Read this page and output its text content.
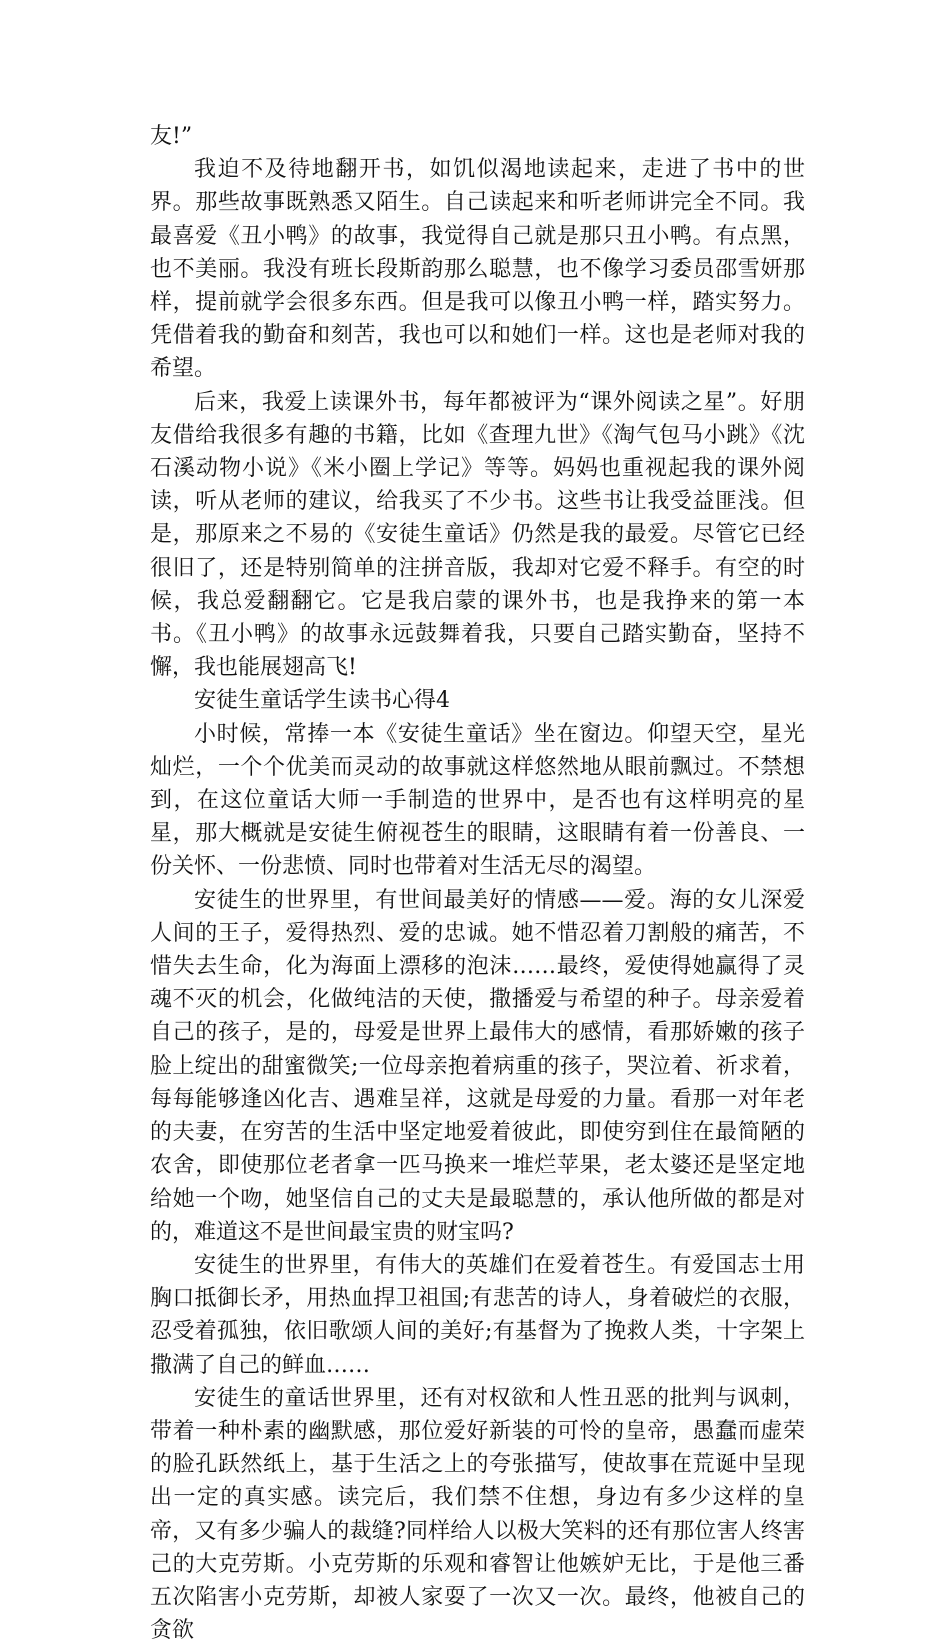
友!”

我迫不及待地翻开书，如饥似渴地读起来，走进了书中的世界。那些故事既熟悉又陌生。自己读起来和听老师讲完全不同。我最喜爱《丑小鸭》的故事，我觉得自己就是那只丑小鸭。有点黑，也不美丽。我没有班长段斯韵那么聪慧，也不像学习委员邵雪妍那样，提前就学会很多东西。但是我可以像丑小鸭一样，踏实努力。凭借着我的勤奋和刻苦，我也可以和她们一样。这也是老师对我的希望。

后来，我爱上读课外书，每年都被评为“课外阅读之星”。好朋友借给我很多有趣的书籍，比如《查理九世》《淘气包马小跳》《沈石溪动物小说》《米小圈上学记》等等。妈妈也重视起我的课外阅读，听从老师的建议，给我买了不少书。这些书让我受益匪浅。但是，那原来之不易的《安徒生童话》仍然是我的最爱。尽管它已经很旧了，还是特别简单的注拼音版，我却对它爱不释手。有空的时候，我总爱翻翻它。它是我启蒙的课外书，也是我挣来的第一本书。《丑小鸭》的故事永远鼓舞着我，只要自己踏实勤奋，坚持不懈，我也能展翅高飞!

安徒生童话学生读书心得4

小时候，常捧一本《安徒生童话》坐在窗边。仰望天空，星光灿烂，一个个优美而灵动的故事就这样悠然地从眼前飘过。不禁想到，在这位童话大师一手制造的世界中，是否也有这样明亮的星星，那大概就是安徒生俯视苍生的眼睛，这眼睛有着一份善良、一份关怀、一份悲愤、同时也带着对生活无尽的渴望。

安徒生的世界里，有世间最美好的情感——爱。海的女儿深爱人间的王子，爱得热烈、爱的忠诚。她不惜忍着刀割般的痛苦，不惜失去生命，化为海面上漂移的泡沫……最终，爱使得她赢得了灵魂不灭的机会，化做纯洁的天使，撒播爱与希望的种子。母亲爱着自己的孩子，是的，母爱是世界上最伟大的感情，看那娇嫩的孩子脸上绽出的甜蜜微笑;一位母亲抱着病重的孩子，哭泣着、祈求着，每每能够逢凶化吉、遇难呈祥，这就是母爱的力量。看那一对年老的夫妻，在穷苦的生活中坚定地爱着彼此，即使穷到住在最简陋的农舍，即使那位老者拿一匹马换来一堆烂苹果，老太婆还是坚定地给她一个吻，她坚信自己的丈夫是最聪慧的，承认他所做的都是对的，难道这不是世间最宝贵的财宝吗?

安徒生的世界里，有伟大的英雄们在爱着苍生。有爱国志士用胸口抵御长矛，用热血捍卫祖国;有悲苦的诗人，身着破烂的衣服，忍受着孤独，依旧歌颂人间的美好;有基督为了挽救人类，十字架上撒满了自己的鲜血……

安徒生的童话世界里，还有对权欲和人性丑恶的批判与讽刺，带着一种朴素的幽默感，那位爱好新装的可怜的皇帝，愚蠢而虚荣的脸孔跃然纸上，基于生活之上的夸张描写，使故事在荒诞中呈现出一定的真实感。读完后，我们禁不住想，身边有多少这样的皇帝，又有多少骗人的裁缝?同样给人以极大笑料的还有那位害人终害己的大克劳斯。小克劳斯的乐观和睿智让他嫉妒无比，于是他三番五次陷害小克劳斯，却被人家耍了一次又一次。最终，他被自己的贪欲
